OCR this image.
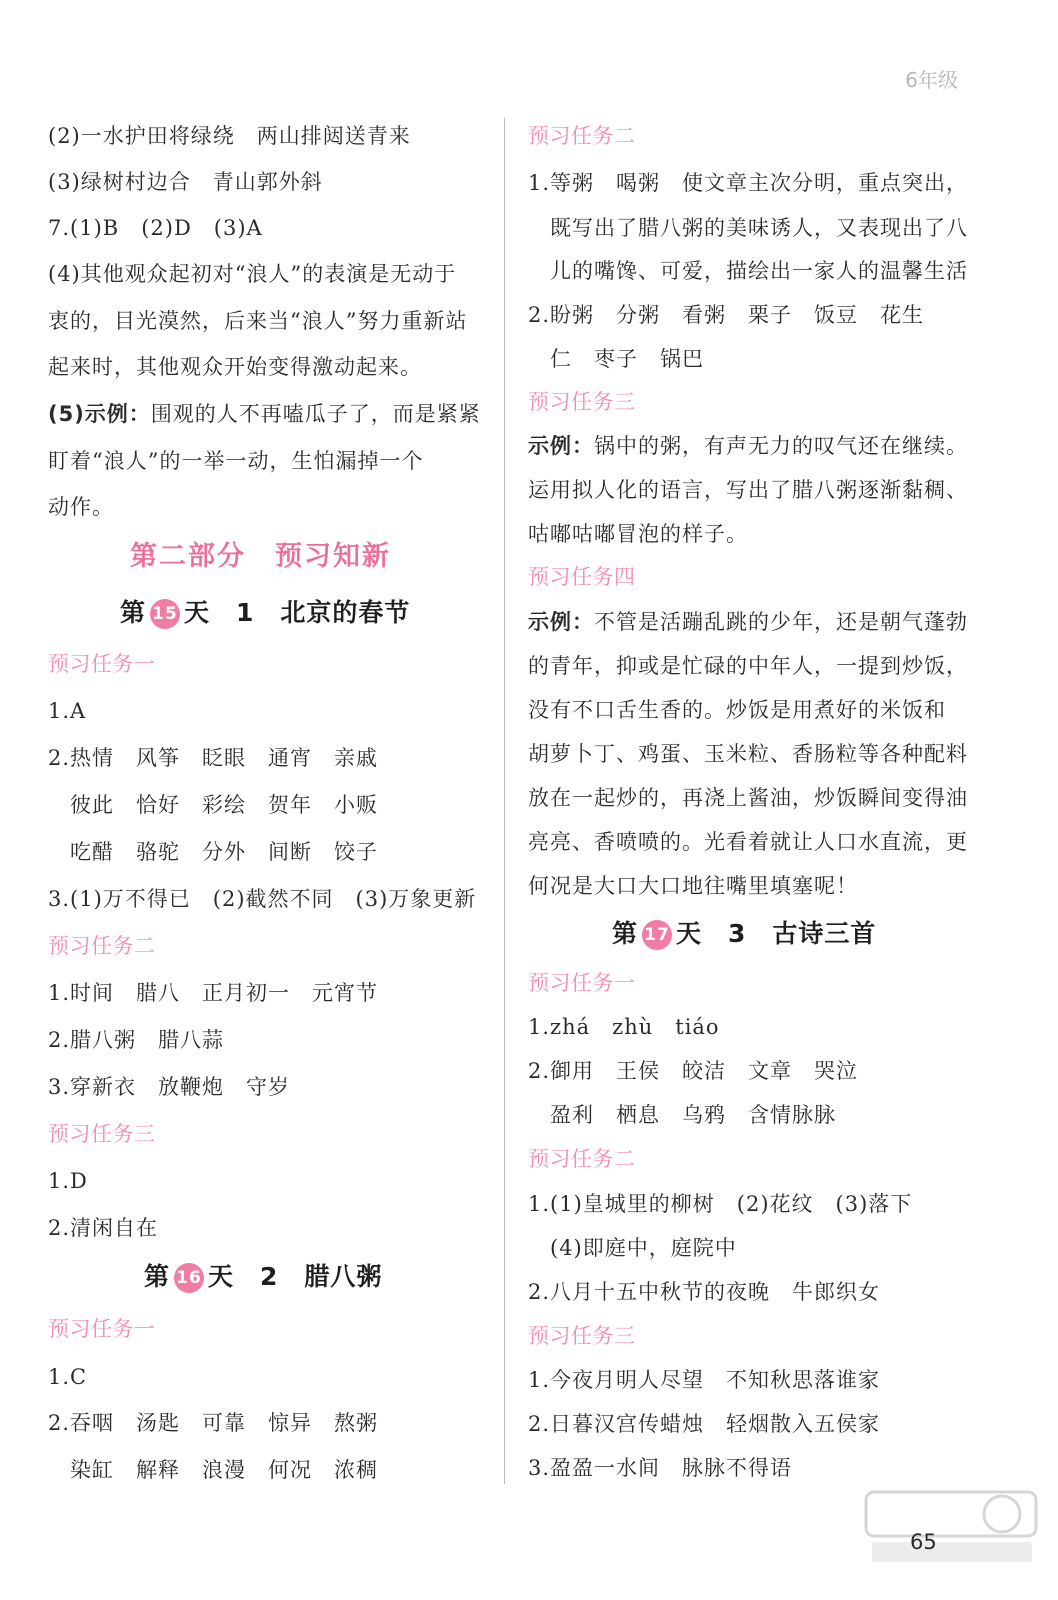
6年级
(2)一水护田将绿绕　两山排闼送青来
(3)绿树村边合　青山郭外斜
7.(1)B　(2)D　(3)A
(4)其他观众起初对“浪人”的表演是无动于
衷的，目光漠然，后来当“浪人”努力重新站
起来时，其他观众开始变得激动起来。
(5)示例：围观的人不再嗑瓜子了，而是紧紧
盯着“浪人”的一举一动，生怕漏掉一个
动作。
第二部分　预习知新
第 15 天　1　北京的春节
预习任务一
1.A
2.热情　风筝　眨眼　通宵　亲戚
彼此　恰好　彩绘　贺年　小贩
吃醋　骆驼　分外　间断　饺子
3.(1)万不得已　(2)截然不同　(3)万象更新
预习任务二
1.时间　腊八　正月初一　元宵节
2.腊八粥　腊八蒜
3.穿新衣　放鞭炮　守岁
预习任务三
1.D
2.清闲自在
第 16 天　2　腊八粥
预习任务一
1.C
2.吞咽　汤匙　可靠　惊异　熬粥
染缸　解释　浪漫　何况　浓稠
预习任务二
1.等粥　喝粥　使文章主次分明，重点突出，
既写出了腊八粥的美味诱人，又表现出了八
儿的嘴馋、可爱，描绘出一家人的温馨生活
2.盼粥　分粥　看粥　栗子　饭豆　花生
仁　枣子　锅巴
预习任务三
示例：锅中的粥，有声无力的叹气还在继续。
运用拟人化的语言，写出了腊八粥逐渐黏稠、
咕嘟咕嘟冒泡的样子。
预习任务四
示例：不管是活蹦乱跳的少年，还是朝气蓬勃
的青年，抑或是忙碌的中年人，一提到炒饭，
没有不口舌生香的。炒饭是用煮好的米饭和
胡萝卜丁、鸡蛋、玉米粒、香肠粒等各种配料
放在一起炒的，再浇上酱油，炒饭瞬间变得油
亮亮、香喷喷的。光看着就让人口水直流，更
何况是大口大口地往嘴里填塞呢！
第 17 天　3　古诗三首
预习任务一
1.zhá　zhù　tiáo
2.御用　王侯　皎洁　文章　哭泣
盈利　栖息　乌鸦　含情脉脉
预习任务二
1.(1)皇城里的柳树　(2)花纹　(3)落下
(4)即庭中，庭院中
2.八月十五中秋节的夜晚　牛郎织女
预习任务三
1.今夜月明人尽望　不知秋思落谁家
2.日暮汉宫传蜡烛　轻烟散入五侯家
3.盈盈一水间　脉脉不得语
65
